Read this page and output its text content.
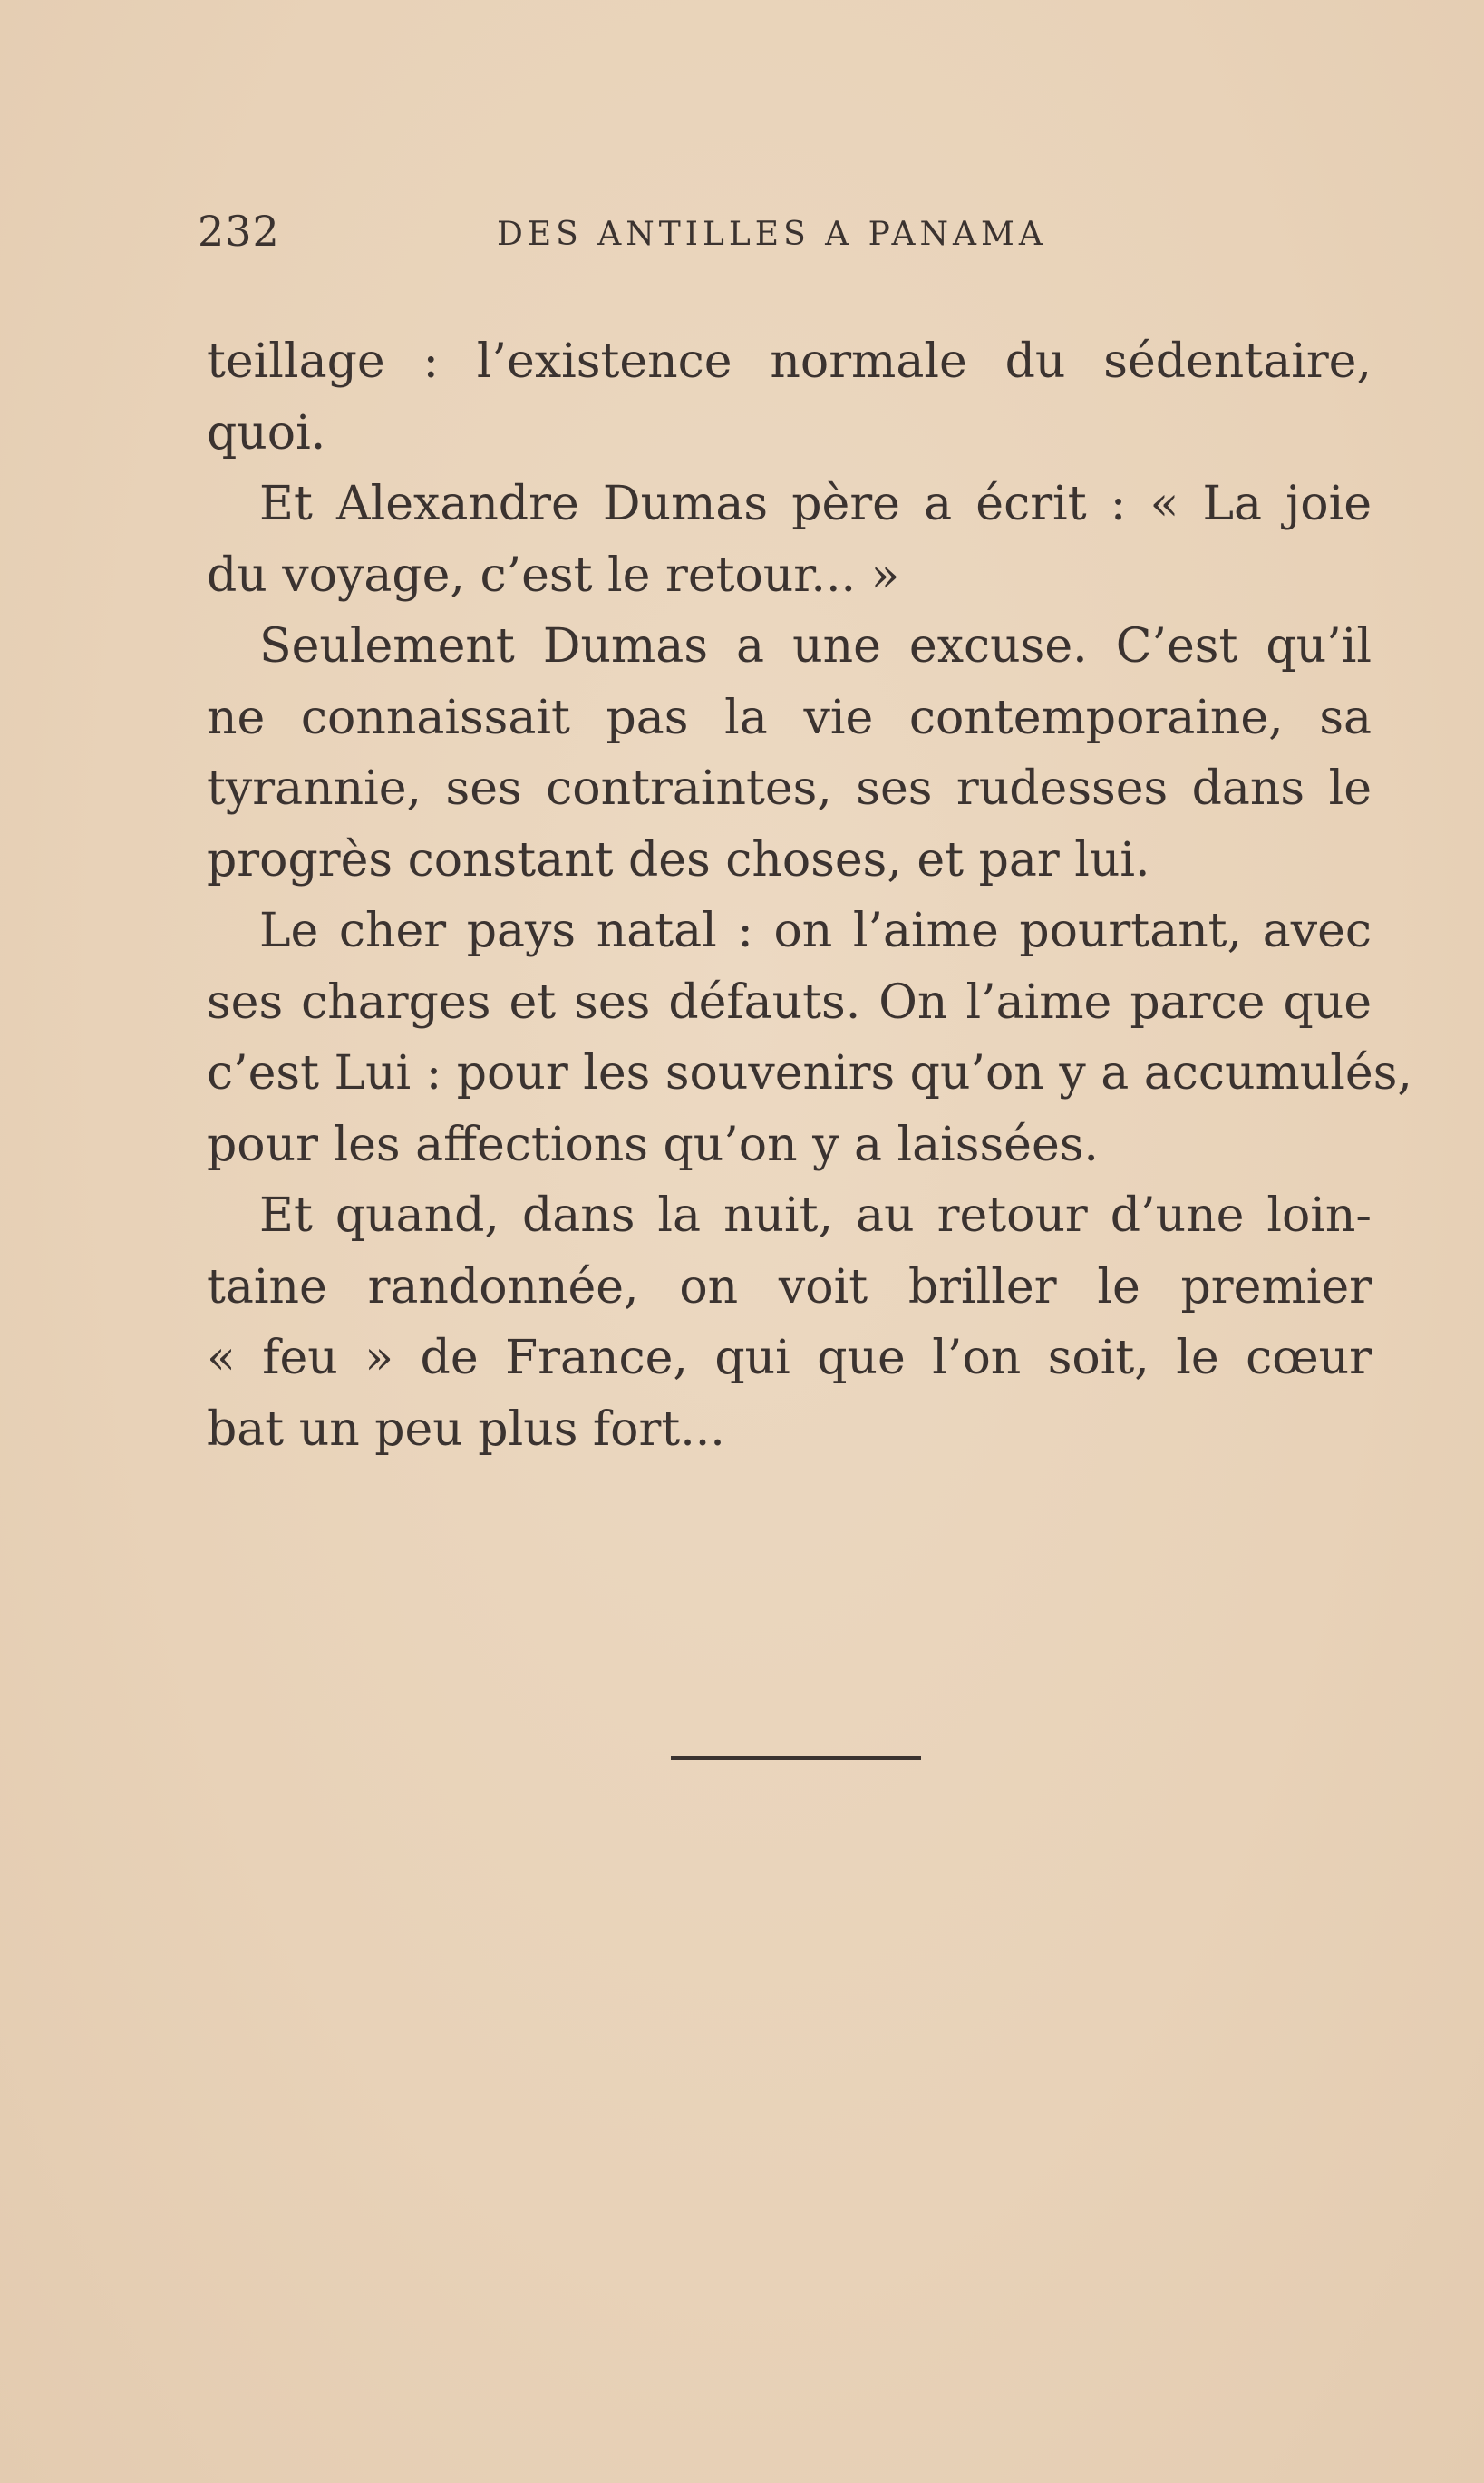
232	DES ANTILLES A PANAMA
teillage : l’existence normale du sédentaire,
quoi.
Et Alexandre Dumas père a écrit : « La joie
du voyage, c’est le retour... »
Seulement Dumas a une excuse. C’est qu’il
ne connaissait pas la vie contemporaine, sa
tyrannie, ses contraintes, ses rudesses dans le
progrès constant des choses, et par lui.
Le cher pays natal : on l’aime pourtant, avec
ses charges et ses défauts. On l’aime parce que
c’est Lui : pour les souvenirs qu’on y a accumulés,
pour les affections qu’on y a laissées.
Et quand, dans la nuit, au retour d’une loin-
taine randonnée, on voit briller le premier
« feu » de France, qui que l’on soit, le cœur
bat un peu plus fort...
